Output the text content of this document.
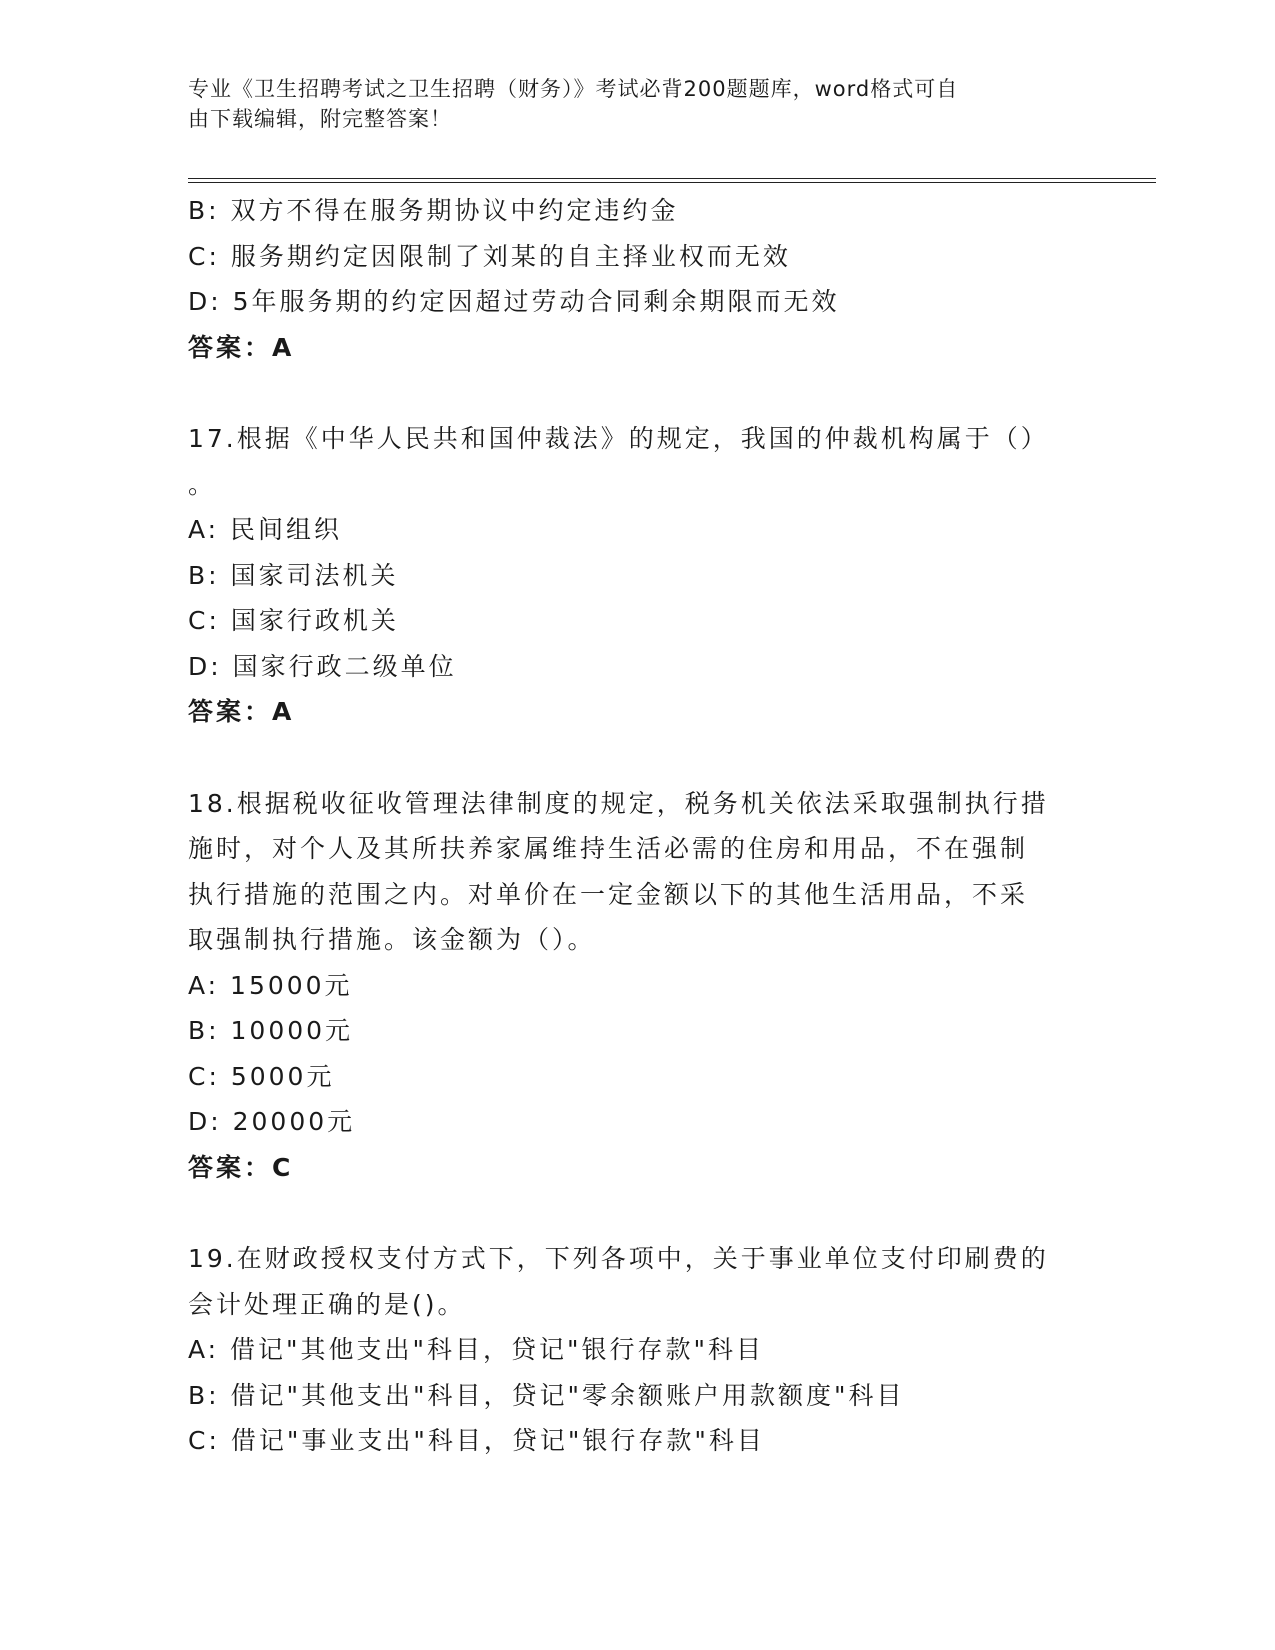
专业《卫生招聘考试之卫生招聘（财务）》考试必背200题题库，word格式可自
由下载编辑，附完整答案！
B: 双方不得在服务期协议中约定违约金
C: 服务期约定因限制了刘某的自主择业权而无效
D: 5年服务期的约定因超过劳动合同剩余期限而无效
答案：A
17.根据《中华人民共和国仲裁法》的规定，我国的仲裁机构属于（）
。
A: 民间组织
B: 国家司法机关
C: 国家行政机关
D: 国家行政二级单位
答案：A
18.根据税收征收管理法律制度的规定，税务机关依法采取强制执行措
施时，对个人及其所扶养家属维持生活必需的住房和用品，不在强制
执行措施的范围之内。对单价在一定金额以下的其他生活用品，不采
取强制执行措施。该金额为（）。
A: 15000元
B: 10000元
C: 5000元
D: 20000元
答案：C
19.在财政授权支付方式下，下列各项中，关于事业单位支付印刷费的
会计处理正确的是()。
A: 借记"其他支出"科目，贷记"银行存款"科目
B: 借记"其他支出"科目，贷记"零余额账户用款额度"科目
C: 借记"事业支出"科目，贷记"银行存款"科目
